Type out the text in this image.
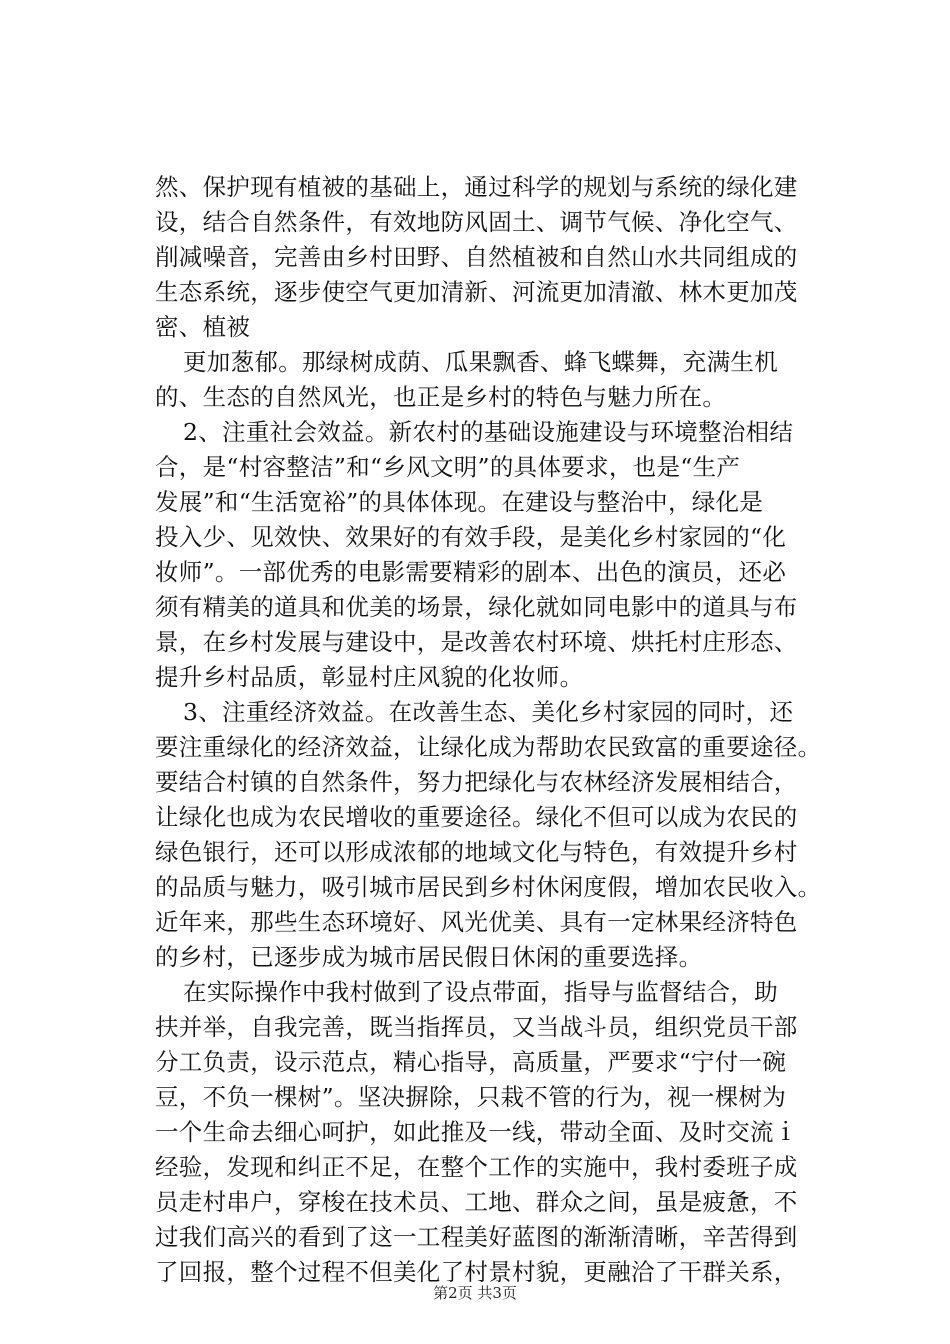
然、保护现有植被的基础上，通过科学的规划与系统的绿化建
设，结合自然条件，有效地防风固土、调节气候、净化空气、
削减噪音，完善由乡村田野、自然植被和自然山水共同组成的
生态系统，逐步使空气更加清新、河流更加清澈、林木更加茂
密、植被
更加葱郁。那绿树成荫、瓜果飘香、蜂飞蝶舞，充满生机
的、生态的自然风光，也正是乡村的特色与魅力所在。
2、注重社会效益。新农村的基础设施建设与环境整治相结
合，是“村容整洁”和“乡风文明”的具体要求，也是“生产
发展”和“生活宽裕”的具体体现。在建设与整治中，绿化是
投入少、见效快、效果好的有效手段，是美化乡村家园的“化
妆师”。一部优秀的电影需要精彩的剧本、出色的演员，还必
须有精美的道具和优美的场景，绿化就如同电影中的道具与布
景，在乡村发展与建设中，是改善农村环境、烘托村庄形态、
提升乡村品质，彰显村庄风貌的化妆师。
3、注重经济效益。在改善生态、美化乡村家园的同时，还
要注重绿化的经济效益，让绿化成为帮助农民致富的重要途径。
要结合村镇的自然条件，努力把绿化与农林经济发展相结合，
让绿化也成为农民增收的重要途径。绿化不但可以成为农民的
绿色银行，还可以形成浓郁的地域文化与特色，有效提升乡村
的品质与魅力，吸引城市居民到乡村休闲度假，增加农民收入。
近年来，那些生态环境好、风光优美、具有一定林果经济特色
的乡村，已逐步成为城市居民假日休闲的重要选择。
在实际操作中我村做到了设点带面，指导与监督结合，助
扶并举，自我完善，既当指挥员，又当战斗员，组织党员干部
分工负责，设示范点，精心指导，高质量，严要求“宁付一碗
豆，不负一棵树”。坚决摒除，只栽不管的行为，视一棵树为
一个生命去细心呵护，如此推及一线，带动全面、及时交流ｉ
经验，发现和纠正不足，在整个工作的实施中，我村委班子成
员走村串户，穿梭在技术员、工地、群众之间，虽是疲惫，不
过我们高兴的看到了这一工程美好蓝图的渐渐清晰，辛苦得到
了回报，整个过程不但美化了村景村貌，更融洽了干群关系，
第2页 共3页
